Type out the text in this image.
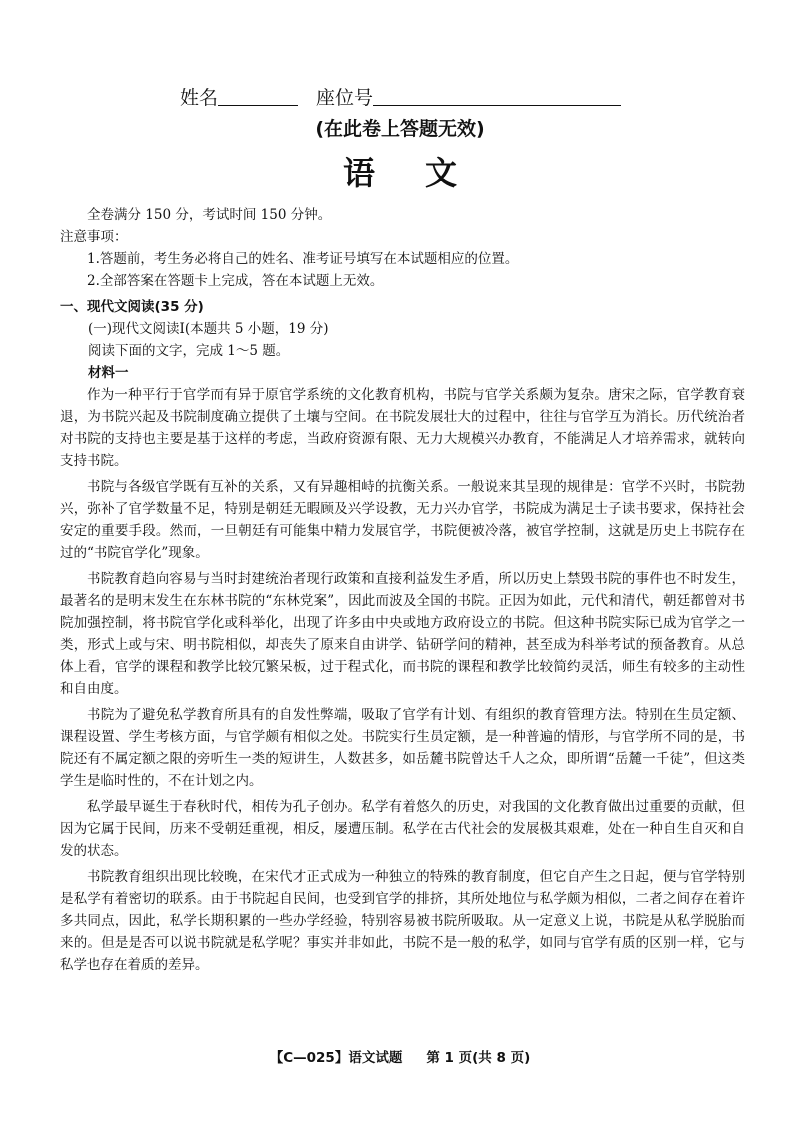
姓名	座位号
(在此卷上答题无效)
语文

全卷满分 150 分，考试时间 150 分钟。

注意事项：

1.答题前，考生务必将自己的姓名、准考证号填写在本试题相应的位置。

2.全部答案在答题卡上完成，答在本试题上无效。

一、现代文阅读(35 分)

(一)现代文阅读Ⅰ(本题共 5 小题，19 分)

阅读下面的文字，完成 1～5 题。

材料一

作为一种平行于官学而有异于原官学系统的文化教育机构，书院与官学关系颇为复杂。唐宋之际，官学教育衰退，为书院兴起及书院制度确立提供了土壤与空间。在书院发展壮大的过程中，往往与官学互为消长。历代统治者对书院的支持也主要是基于这样的考虑，当政府资源有限、无力大规模兴办教育，不能满足人才培养需求，就转向支持书院。

书院与各级官学既有互补的关系，又有异趣相峙的抗衡关系。一般说来其呈现的规律是：官学不兴时，书院勃兴，弥补了官学数量不足，特别是朝廷无暇顾及兴学设教，无力兴办官学，书院成为满足士子读书要求，保持社会安定的重要手段。然而，一旦朝廷有可能集中精力发展官学，书院便被冷落，被官学控制，这就是历史上书院存在过的“书院官学化”现象。

书院教育趋向容易与当时封建统治者现行政策和直接利益发生矛盾，所以历史上禁毁书院的事件也不时发生，最著名的是明末发生在东林书院的“东林党案”，因此而波及全国的书院。正因为如此，元代和清代，朝廷都曾对书院加强控制，将书院官学化或科举化，出现了许多由中央或地方政府设立的书院。但这种书院实际已成为官学之一类，形式上或与宋、明书院相似，却丧失了原来自由讲学、钻研学问的精神，甚至成为科举考试的预备教育。从总体上看，官学的课程和教学比较冗繁呆板，过于程式化，而书院的课程和教学比较简约灵活，师生有较多的主动性和自由度。

书院为了避免私学教育所具有的自发性弊端，吸取了官学有计划、有组织的教育管理方法。特别在生员定额、课程设置、学生考核方面，与官学颇有相似之处。书院实行生员定额，是一种普遍的情形，与官学所不同的是，书院还有不属定额之限的旁听生一类的短讲生，人数甚多，如岳麓书院曾达千人之众，即所谓“岳麓一千徒”，但这类学生是临时性的，不在计划之内。

私学最早诞生于春秋时代，相传为孔子创办。私学有着悠久的历史，对我国的文化教育做出过重要的贡献，但因为它属于民间，历来不受朝廷重视，相反，屡遭压制。私学在古代社会的发展极其艰难，处在一种自生自灭和自发的状态。

书院教育组织出现比较晚，在宋代才正式成为一种独立的特殊的教育制度，但它自产生之日起，便与官学特别是私学有着密切的联系。由于书院起自民间，也受到官学的排挤，其所处地位与私学颇为相似，二者之间存在着许多共同点，因此，私学长期积累的一些办学经验，特别容易被书院所吸取。从一定意义上说，书院是从私学脱胎而来的。但是是否可以说书院就是私学呢？事实并非如此，书院不是一般的私学，如同与官学有质的区别一样，它与私学也存在着质的差异。

【C—025】语文试题 第 1 页(共 8 页)
